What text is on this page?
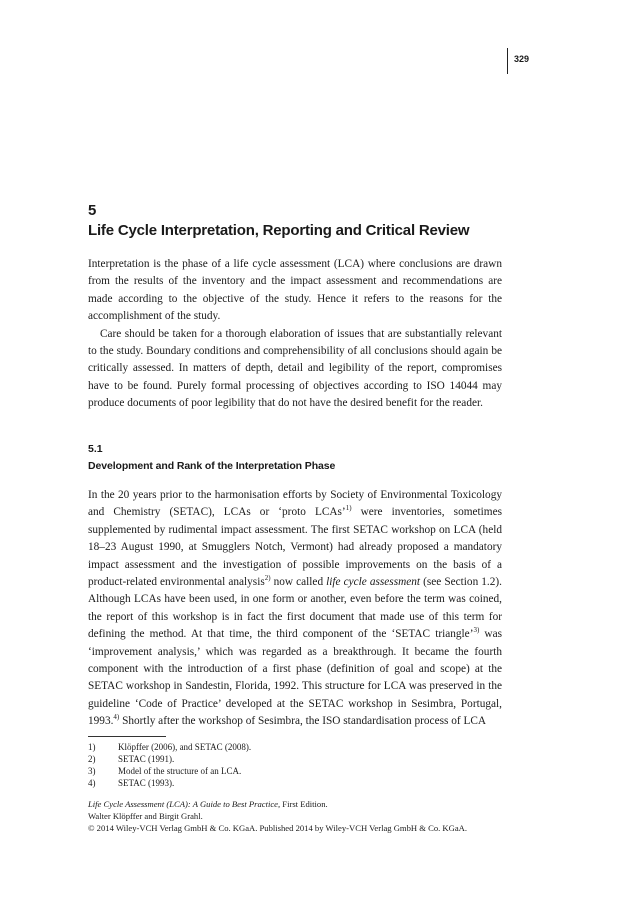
329
5
Life Cycle Interpretation, Reporting and Critical Review

Interpretation is the phase of a life cycle assessment (LCA) where conclusions are drawn from the results of the inventory and the impact assessment and recommendations are made according to the objective of the study. Hence it refers to the reasons for the accomplishment of the study.

Care should be taken for a thorough elaboration of issues that are substantially relevant to the study. Boundary conditions and comprehensibility of all conclusions should again be critically assessed. In matters of depth, detail and legibility of the report, compromises have to be found. Purely formal processing of objectives according to ISO 14044 may produce documents of poor legibility that do not have the desired benefit for the reader.

5.1
Development and Rank of the Interpretation Phase

In the 20 years prior to the harmonisation efforts by Society of Environmental Toxicology and Chemistry (SETAC), LCAs or ‘proto LCAs’$^{1)}$ were inventories, sometimes supplemented by rudimental impact assessment. The first SETAC workshop on LCA (held 18–23 August 1990, at Smugglers Notch, Vermont) had already proposed a mandatory impact assessment and the investigation of possible improvements on the basis of a product-related environmental analysis$^{2)}$ now called life cycle assessment (see Section 1.2). Although LCAs have been used, in one form or another, even before the term was coined, the report of this workshop is in fact the first document that made use of this term for defining the method. At that time, the third component of the ‘SETAC triangle’$^{3)}$ was ‘improvement analysis,’ which was regarded as a breakthrough. It became the fourth component with the introduction of a first phase (definition of goal and scope) at the SETAC workshop in Sandestin, Florida, 1992. This structure for LCA was preserved in the guideline ‘Code of Practice’ developed at the SETAC workshop in Sesimbra, Portugal, 1993.$^{4)}$ Shortly after the workshop of Sesimbra, the ISO standardisation process of LCA

1)	Klöpffer (2006), and SETAC (2008).
2)	SETAC (1991).
3)	Model of the structure of an LCA.
4)	SETAC (1993).
Life Cycle Assessment (LCA): A Guide to Best Practice, First Edition.
Walter Klöpffer and Birgit Grahl.
© 2014 Wiley-VCH Verlag GmbH & Co. KGaA. Published 2014 by Wiley-VCH Verlag GmbH & Co. KGaA.
